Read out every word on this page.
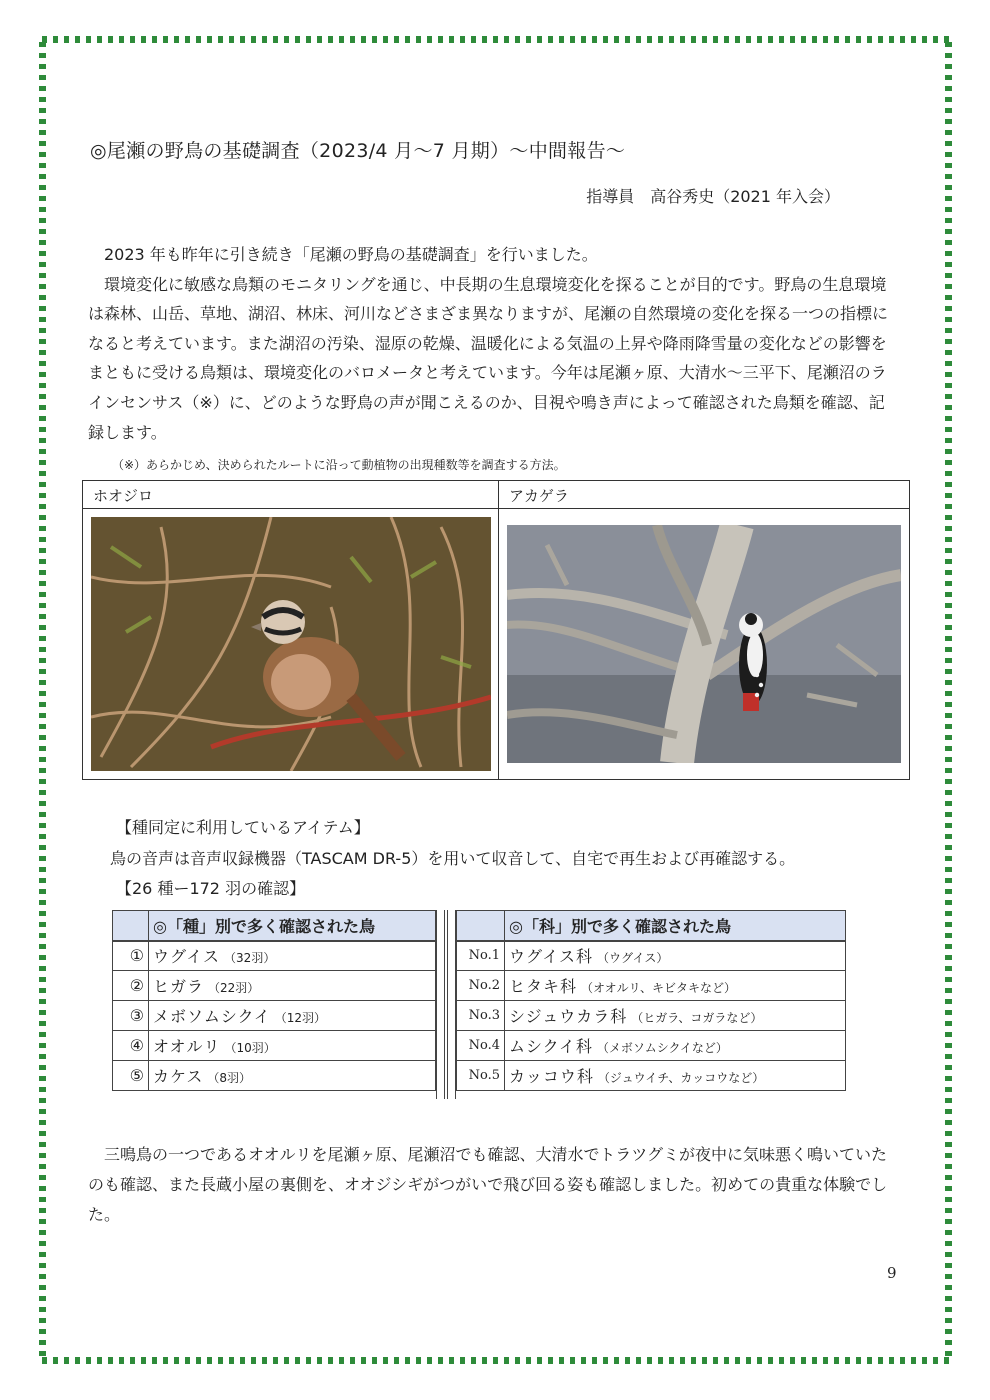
◎尾瀬の野鳥の基礎調査（2023/4 月〜7 月期）〜中間報告〜
指導員　高谷秀史（2021 年入会）

2023 年も昨年に引き続き「尾瀬の野鳥の基礎調査」を行いました。

環境変化に敏感な鳥類のモニタリングを通じ、中長期の生息環境変化を探ることが目的です。野鳥の生息環境は森林、山岳、草地、湖沼、林床、河川などさまざま異なりますが、尾瀬の自然環境の変化を探る一つの指標になると考えています。また湖沼の汚染、湿原の乾燥、温暖化による気温の上昇や降雨降雪量の変化などの影響をまともに受ける鳥類は、環境変化のバロメータと考えています。今年は尾瀬ヶ原、大清水〜三平下、尾瀬沼のラインセンサス（※）に、どのような野鳥の声が聞こえるのか、目視や鳴き声によって確認された鳥類を確認、記録します。

（※）あらかじめ、決められたルートに沿って動植物の出現種数等を調査する方法。
ホオジロ	アカゲラ
【種同定に利用しているアイテム】
鳥の音声は音声収録機器（TASCAM DR-5）を用いて収音して、自宅で再生および再確認する。
【26 種ー172 羽の確認】
	◎「種」別で多く確認された鳥
①	ウグイス （32羽）
②	ヒガラ （22羽）
③	メボソムシクイ （12羽）
④	オオルリ （10羽）
⑤	カケス （8羽）
	◎「科」別で多く確認された鳥
No.1	ウグイス科 （ウグイス）
No.2	ヒタキ科 （オオルリ、キビタキなど）
No.3	シジュウカラ科 （ヒガラ、コガラなど）
No.4	ムシクイ科 （メボソムシクイなど）
No.5	カッコウ科 （ジュウイチ、カッコウなど）

三鳴鳥の一つであるオオルリを尾瀬ヶ原、尾瀬沼でも確認、大清水でトラツグミが夜中に気味悪く鳴いていたのも確認、また長蔵小屋の裏側を、オオジシギがつがいで飛び回る姿も確認しました。初めての貴重な体験でした。

9
